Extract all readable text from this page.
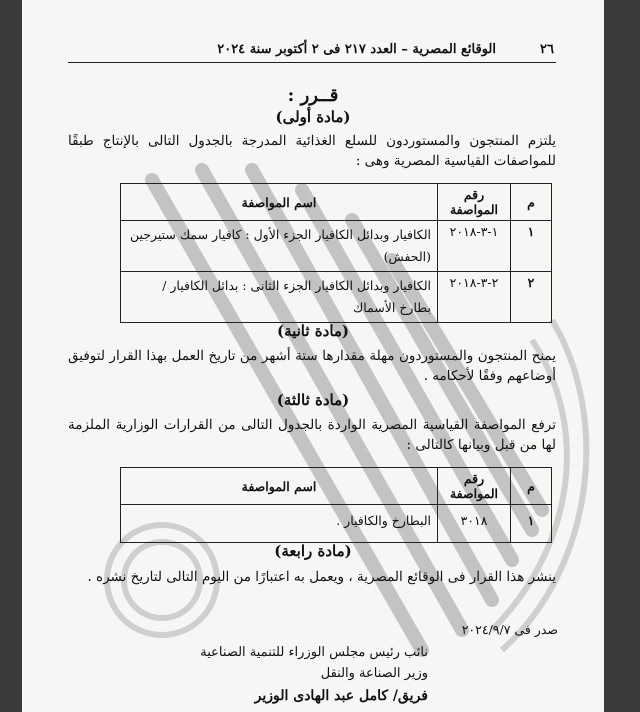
٢٦
الوقائع المصرية – العدد ٢١٧ فى ٢ أكتوبر سنة ٢٠٢٤
قــرر :
(مادة أولى)
يلتزم المنتجون والمستوردون للسلع الغذائية المدرجة بالجدول التالى بالإنتاج طبقًا للمواصفات القياسية المصرية وهى :
م	رقم المواصفة	اسم المواصفة
١	١-٣-٢٠١٨	الكافيار وبدائل الكافيار الجزء الأول : كافيار سمك ستيرجين (الحفش)
٢	٢-٣-٢٠١٨	الكافيار وبدائل الكافيار الجزء الثانى : بدائل الكافيار / بطارخ الأسماك
(مادة ثانية)
يمنح المنتجون والمستوردون مهلة مقدارها ستة أشهر من تاريخ العمل بهذا القرار لتوفيق أوضاعهم وفقًا لأحكامه .
(مادة ثالثة)
ترفع المواصفة القياسية المصرية الواردة بالجدول التالى من القرارات الوزارية الملزمة لها من قبل وبيانها كالتالى :
م	رقم المواصفة	اسم المواصفة
١	٣٠١٨	البطارخ والكافيار .
(مادة رابعة)
ينشر هذا القرار فى الوقائع المصرية ، ويعمل به اعتبارًا من اليوم التالى لتاريخ نشره .
صدر فى ٢٠٢٤/٩/٧
نائب رئيس مجلس الوزراء للتنمية الصناعية
وزير الصناعة والنقل
فريق/ كامل عبد الهادى الوزير
